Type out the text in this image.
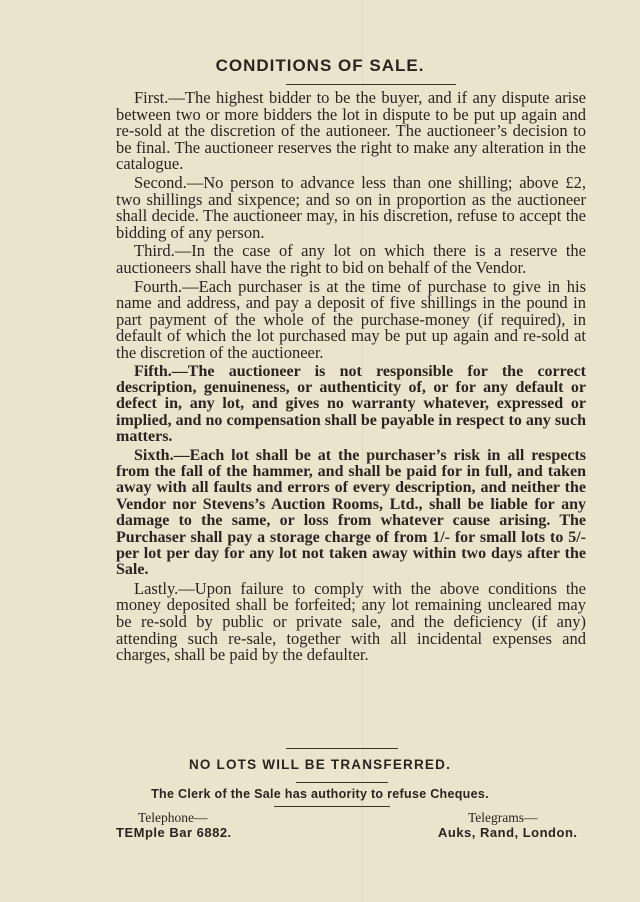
CONDITIONS OF SALE.

First.—The highest bidder to be the buyer, and if any dispute arise between two or more bidders the lot in dispute to be put up again and re-sold at the discretion of the autioneer. The auctioneer’s decision to be final. The auctioneer reserves the right to make any alteration in the catalogue.

Second.—No person to advance less than one shilling; above £2, two shillings and sixpence; and so on in proportion as the auctioneer shall decide. The auctioneer may, in his discretion, refuse to accept the bidding of any person.

Third.—In the case of any lot on which there is a reserve the auctioneers shall have the right to bid on behalf of the Vendor.

Fourth.—Each purchaser is at the time of purchase to give in his name and address, and pay a deposit of five shillings in the pound in part payment of the whole of the purchase-money (if required), in default of which the lot purchased may be put up again and re-sold at the discretion of the auctioneer.

Fifth.—The auctioneer is not responsible for the correct description, genuineness, or authenticity of, or for any default or defect in, any lot, and gives no warranty whatever, expressed or implied, and no compensation shall be payable in respect to any such matters.

Sixth.—Each lot shall be at the purchaser’s risk in all respects from the fall of the hammer, and shall be paid for in full, and taken away with all faults and errors of every description, and neither the Vendor nor Stevens’s Auction Rooms, Ltd., shall be liable for any damage to the same, or loss from whatever cause arising. The Purchaser shall pay a storage charge of from 1/- for small lots to 5/- per lot per day for any lot not taken away within two days after the Sale.

Lastly.—Upon failure to comply with the above conditions the money deposited shall be forfeited; any lot remaining uncleared may be re-sold by public or private sale, and the deficiency (if any) attending such re-sale, together with all incidental expenses and charges, shall be paid by the defaulter.

NO LOTS WILL BE TRANSFERRED.
The Clerk of the Sale has authority to refuse Cheques.
Telephone—
TEMple Bar 6882.
Telegrams—
Auks, Rand, London.
